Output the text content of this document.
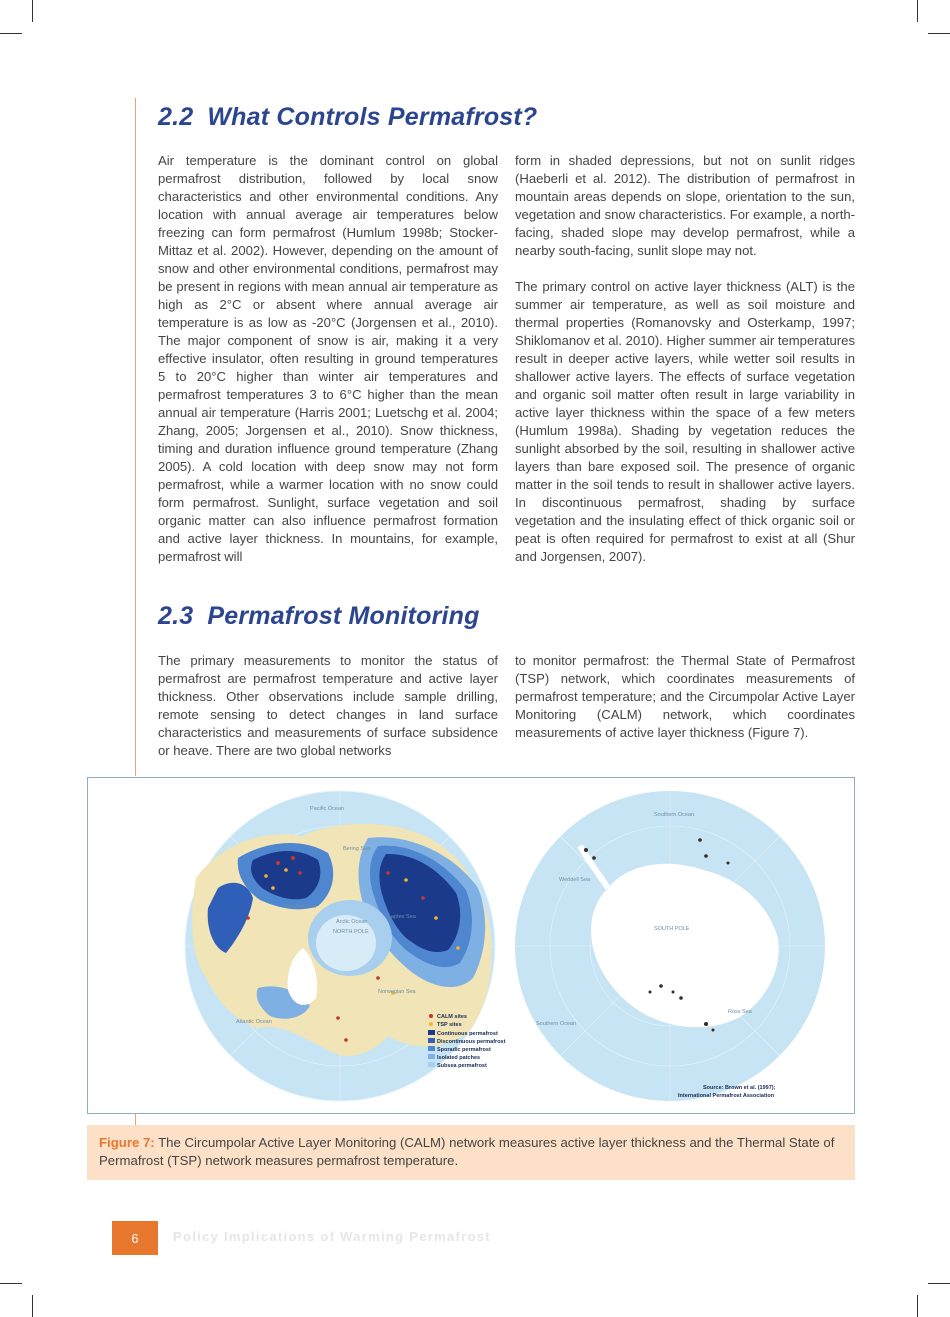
2.2 What Controls Permafrost?

Air temperature is the dominant control on global permafrost distribution, followed by local snow characteristics and other environmental conditions. Any location with annual average air temperatures below freezing can form permafrost (Humlum 1998b; Stocker-Mittaz et al. 2002). However, depending on the amount of snow and other environmental conditions, permafrost may be present in regions with mean annual air temperature as high as 2°C or absent where annual average air temperature is as low as -20°C (Jorgensen et al., 2010). The major component of snow is air, making it a very effective insulator, often resulting in ground temperatures 5 to 20°C higher than winter air temperatures and permafrost temperatures 3 to 6°C higher than the mean annual air temperature (Harris 2001; Luetschg et al. 2004; Zhang, 2005; Jorgensen et al., 2010). Snow thickness, timing and duration influence ground temperature (Zhang 2005). A cold location with deep snow may not form permafrost, while a warmer location with no snow could form permafrost. Sunlight, surface vegetation and soil organic matter can also influence permafrost formation and active layer thickness. In mountains, for example, permafrost will

form in shaded depressions, but not on sunlit ridges (Haeberli et al. 2012). The distribution of permafrost in mountain areas depends on slope, orientation to the sun, vegetation and snow characteristics. For example, a north-facing, shaded slope may develop permafrost, while a nearby south-facing, sunlit slope may not.

The primary control on active layer thickness (ALT) is the summer air temperature, as well as soil moisture and thermal properties (Romanovsky and Osterkamp, 1997; Shiklomanov et al. 2010). Higher summer air temperatures result in deeper active layers, while wetter soil results in shallower active layers. The effects of surface vegetation and organic soil matter often result in large variability in active layer thickness within the space of a few meters (Humlum 1998a). Shading by vegetation reduces the sunlight absorbed by the soil, resulting in shallower active layers than bare exposed soil. The presence of organic matter in the soil tends to result in shallower active layers. In discontinuous permafrost, shading by surface vegetation and the insulating effect of thick organic soil or peat is often required for permafrost to exist at all (Shur and Jorgensen, 2007).

2.3 Permafrost Monitoring

The primary measurements to monitor the status of permafrost are permafrost temperature and active layer thickness. Other observations include sample drilling, remote sensing to detect changes in land surface characteristics and measurements of surface subsidence or heave. There are two global networks

to monitor permafrost: the Thermal State of Permafrost (TSP) network, which coordinates measurements of permafrost temperature; and the Circumpolar Active Layer Monitoring (CALM) network, which coordinates measurements of active layer thickness (Figure 7).

Pacific Ocean
Bering Sea
Beaufort Sea
Arctic Ocean
NORTH POLE
Laptev Sea
Norwegian Sea
Atlantic Ocean
Southern Ocean
Weddell Sea
SOUTH POLE
Ross Sea
Southern Ocean
CALM sites
TSP sites
Continuous permafrost
Discontinuous permafrost
Sporadic permafrost
Isolated patches
Subsea permafrost
Source: Brown et al. (1997);
International Permafrost Association
Figure 7: The Circumpolar Active Layer Monitoring (CALM) network measures active layer thickness and the Thermal State of Permafrost (TSP) network measures permafrost temperature.
6	Policy Implications of Warming Permafrost
